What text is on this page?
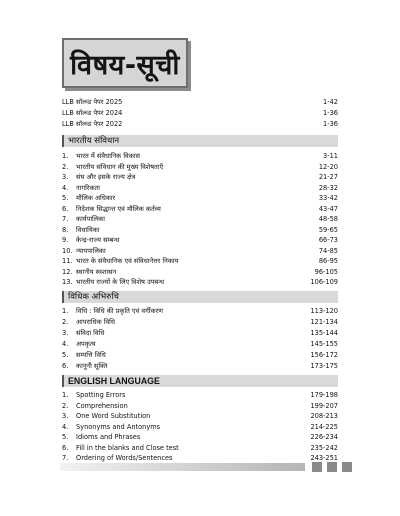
विषय-सूची
LLB सॉल्व्ड पेपर 2025	1-42
LLB सॉल्व्ड पेपर 2024	1-36
LLB सॉल्व्ड पेपर 2022	1-36
भारतीय संविधान
1.	भारत में संवैधानिक विकास	3-11
2.	भारतीय संविधान की मुख्य विशेषताएँ	12-20
3.	संघ और इसके राज्य क्षेत्र	21-27
4.	नागरिकता	28-32
5.	मौलिक अधिकार	33-42
6.	निदेशक सिद्धान्त एवं मौलिक कर्तव्य	43-47
7.	कार्यपालिका	48-58
8.	विधायिका	59-65
9.	केन्द्र-राज्य सम्बन्ध	66-73
10. न्यायपालिका	74-85
11. भारत के संवैधानिक एवं संविधानेत्तर निकाय	86-95
12. स्थानीय स्वशासन	96-105
13. भारतीय राज्यों के लिए विशेष उपबन्ध	106-109
विधिक अभिरुचि
1.	विधि : विधि की प्रकृति एवं वर्गीकरण	113-120
2.	आपराधिक विधि	121-134
3.	संविदा विधि	135-144
4.	अपकृत्य	145-155
5.	सम्पत्ति विधि	156-172
6.	कानूनी सूक्ति	173-175
ENGLISH LANGUAGE
1.	Spotting Errors	179-198
2.	Comprehension	199-207
3.	One Word Substitution	208-213
4.	Synonyms and Antonyms	214-225
5.	Idioms and Phrases	226-234
6.	Fill in the blanks and Close test	235-242
7.	Ordering of Words/Sentences	243-251
